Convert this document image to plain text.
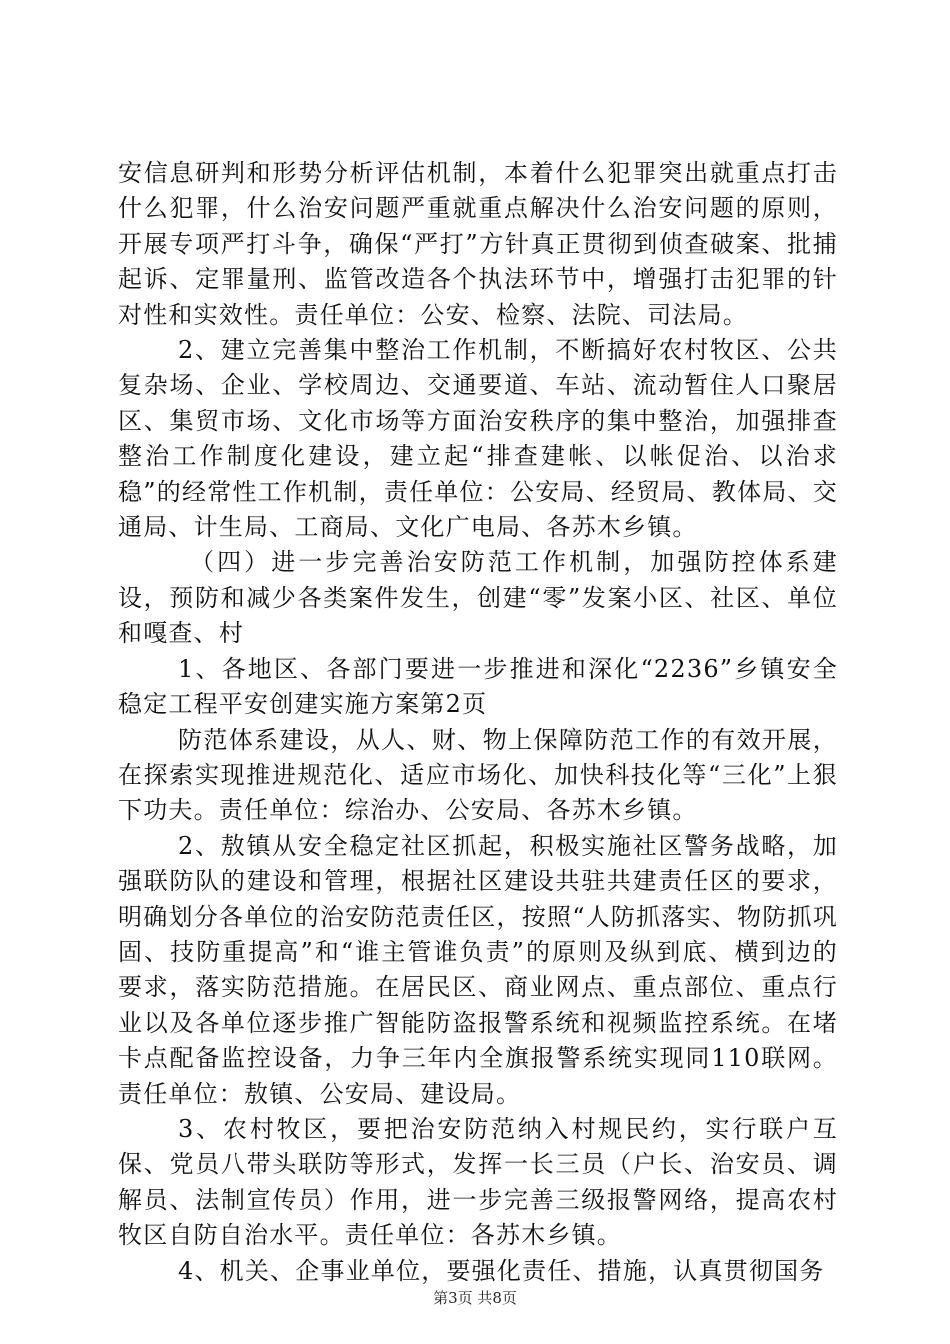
安信息研判和形势分析评估机制，本着什么犯罪突出就重点打击什么犯罪，什么治安问题严重就重点解决什么治安问题的原则，开展专项严打斗争，确保“严打”方针真正贯彻到侦查破案、批捕起诉、定罪量刑、监管改造各个执法环节中，增强打击犯罪的针对性和实效性。责任单位：公安、检察、法院、司法局。

2、建立完善集中整治工作机制，不断搞好农村牧区、公共复杂场、企业、学校周边、交通要道、车站、流动暂住人口聚居区、集贸市场、文化市场等方面治安秩序的集中整治，加强排查整治工作制度化建设，建立起“排查建帐、以帐促治、以治求稳”的经常性工作机制，责任单位：公安局、经贸局、教体局、交通局、计生局、工商局、文化广电局、各苏木乡镇。

（四）进一步完善治安防范工作机制，加强防控体系建设，预防和减少各类案件发生，创建“零”发案小区、社区、单位和嘎查、村

1、各地区、各部门要进一步推进和深化“2236”乡镇安全稳定工程平安创建实施方案第2页

防范体系建设，从人、财、物上保障防范工作的有效开展，在探索实现推进规范化、适应市场化、加快科技化等“三化”上狠下功夫。责任单位：综治办、公安局、各苏木乡镇。

2、敖镇从安全稳定社区抓起，积极实施社区警务战略，加强联防队的建设和管理，根据社区建设共驻共建责任区的要求，明确划分各单位的治安防范责任区，按照“人防抓落实、物防抓巩固、技防重提高”和“谁主管谁负责”的原则及纵到底、横到边的要求，落实防范措施。在居民区、商业网点、重点部位、重点行业以及各单位逐步推广智能防盗报警系统和视频监控系统。在堵卡点配备监控设备，力争三年内全旗报警系统实现同110联网。责任单位：敖镇、公安局、建设局。

3、农村牧区，要把治安防范纳入村规民约，实行联户互保、党员八带头联防等形式，发挥一长三员（户长、治安员、调解员、法制宣传员）作用，进一步完善三级报警网络，提高农村牧区自防自治水平。责任单位：各苏木乡镇。

4、机关、企事业单位，要强化责任、措施，认真贯彻国务

第3页 共8页
